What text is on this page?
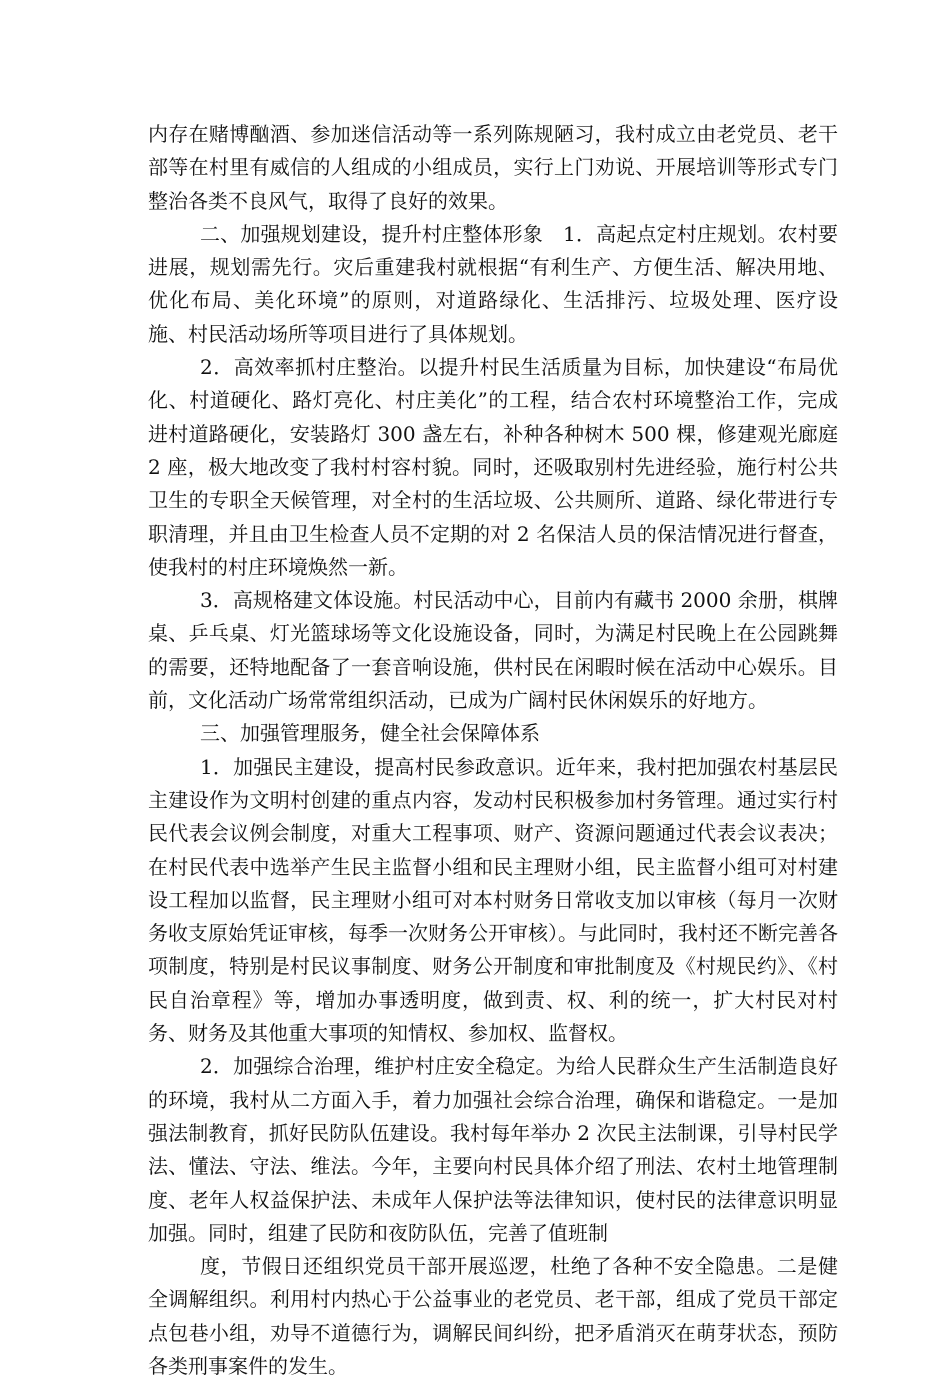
内存在赌博酗酒、参加迷信活动等一系列陈规陋习，我村成立由老党员、老干部等在村里有威信的人组成的小组成员，实行上门劝说、开展培训等形式专门整治各类不良风气，取得了良好的效果。

二、加强规划建设，提升村庄整体形象　1．高起点定村庄规划。农村要进展，规划需先行。灾后重建我村就根据“有利生产、方便生活、解决用地、优化布局、美化环境”的原则，对道路绿化、生活排污、垃圾处理、医疗设施、村民活动场所等项目进行了具体规划。

2．高效率抓村庄整治。以提升村民生活质量为目标，加快建设“布局优化、村道硬化、路灯亮化、村庄美化”的工程，结合农村环境整治工作，完成进村道路硬化，安装路灯 300 盏左右，补种各种树木 500 棵，修建观光廊庭 2 座，极大地改变了我村村容村貌。同时，还吸取别村先进经验，施行村公共卫生的专职全天候管理，对全村的生活垃圾、公共厕所、道路、绿化带进行专职清理，并且由卫生检查人员不定期的对 2 名保洁人员的保洁情况进行督查，使我村的村庄环境焕然一新。

3．高规格建文体设施。村民活动中心，目前内有藏书 2000 余册，棋牌桌、乒乓桌、灯光篮球场等文化设施设备，同时，为满足村民晚上在公园跳舞的需要，还特地配备了一套音响设施，供村民在闲暇时候在活动中心娱乐。目前，文化活动广场常常组织活动，已成为广阔村民休闲娱乐的好地方。

三、加强管理服务，健全社会保障体系

1．加强民主建设，提高村民参政意识。近年来，我村把加强农村基层民主建设作为文明村创建的重点内容，发动村民积极参加村务管理。通过实行村民代表会议例会制度，对重大工程事项、财产、资源问题通过代表会议表决；在村民代表中选举产生民主监督小组和民主理财小组，民主监督小组可对村建设工程加以监督，民主理财小组可对本村财务日常收支加以审核（每月一次财务收支原始凭证审核，每季一次财务公开审核）。与此同时，我村还不断完善各项制度，特别是村民议事制度、财务公开制度和审批制度及《村规民约》、《村民自治章程》等，增加办事透明度，做到责、权、利的统一，扩大村民对村务、财务及其他重大事项的知情权、参加权、监督权。

2．加强综合治理，维护村庄安全稳定。为给人民群众生产生活制造良好的环境，我村从二方面入手，着力加强社会综合治理，确保和谐稳定。一是加强法制教育，抓好民防队伍建设。我村每年举办 2 次民主法制课，引导村民学法、懂法、守法、维法。今年，主要向村民具体介绍了刑法、农村土地管理制度、老年人权益保护法、未成年人保护法等法律知识，使村民的法律意识明显加强。同时，组建了民防和夜防队伍，完善了值班制

度，节假日还组织党员干部开展巡逻，杜绝了各种不安全隐患。二是健全调解组织。利用村内热心于公益事业的老党员、老干部，组成了党员干部定点包巷小组，劝导不道德行为，调解民间纠纷，把矛盾消灭在萌芽状态，预防各类刑事案件的发生。
